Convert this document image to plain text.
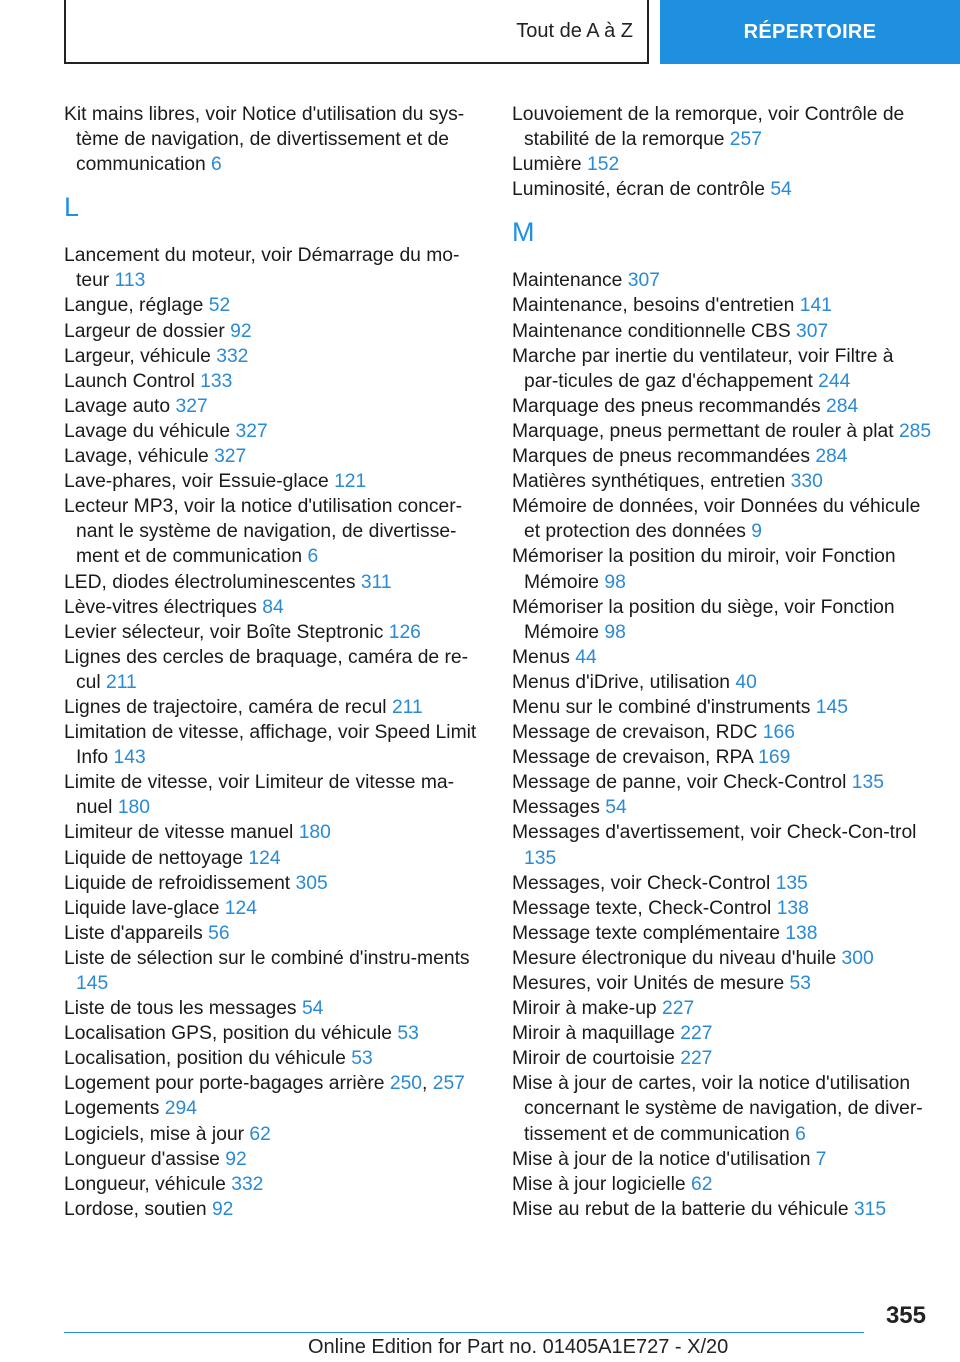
Tout de A à Z	RÉPERTOIRE
Kit mains libres, voir Notice d'utilisation du sys-tème de navigation, de divertissement et de communication 6
L
Lancement du moteur, voir Démarrage du mo-teur 113
Langue, réglage 52
Largeur de dossier 92
Largeur, véhicule 332
Launch Control 133
Lavage auto 327
Lavage du véhicule 327
Lavage, véhicule 327
Lave-phares, voir Essuie-glace 121
Lecteur MP3, voir la notice d'utilisation concer-nant le système de navigation, de divertisse-ment et de communication 6
LED, diodes électroluminescentes 311
Lève-vitres électriques 84
Levier sélecteur, voir Boîte Steptronic 126
Lignes des cercles de braquage, caméra de re-cul 211
Lignes de trajectoire, caméra de recul 211
Limitation de vitesse, affichage, voir Speed Limit Info 143
Limite de vitesse, voir Limiteur de vitesse ma-nuel 180
Limiteur de vitesse manuel 180
Liquide de nettoyage 124
Liquide de refroidissement 305
Liquide lave-glace 124
Liste d'appareils 56
Liste de sélection sur le combiné d'instru-ments 145
Liste de tous les messages 54
Localisation GPS, position du véhicule 53
Localisation, position du véhicule 53
Logement pour porte-bagages arrière 250, 257
Logements 294
Logiciels, mise à jour 62
Longueur d'assise 92
Longueur, véhicule 332
Lordose, soutien 92
Louvoiement de la remorque, voir Contrôle de stabilité de la remorque 257
Lumière 152
Luminosité, écran de contrôle 54
M
Maintenance 307
Maintenance, besoins d'entretien 141
Maintenance conditionnelle CBS 307
Marche par inertie du ventilateur, voir Filtre à par-ticules de gaz d'échappement 244
Marquage des pneus recommandés 284
Marquage, pneus permettant de rouler à plat 285
Marques de pneus recommandées 284
Matières synthétiques, entretien 330
Mémoire de données, voir Données du véhicule et protection des données 9
Mémoriser la position du miroir, voir Fonction Mémoire 98
Mémoriser la position du siège, voir Fonction Mémoire 98
Menus 44
Menus d'iDrive, utilisation 40
Menu sur le combiné d'instruments 145
Message de crevaison, RDC 166
Message de crevaison, RPA 169
Message de panne, voir Check-Control 135
Messages 54
Messages d'avertissement, voir Check-Con-trol 135
Messages, voir Check-Control 135
Message texte, Check-Control 138
Message texte complémentaire 138
Mesure électronique du niveau d'huile 300
Mesures, voir Unités de mesure 53
Miroir à make-up 227
Miroir à maquillage 227
Miroir de courtoisie 227
Mise à jour de cartes, voir la notice d'utilisation concernant le système de navigation, de diver-tissement et de communication 6
Mise à jour de la notice d'utilisation 7
Mise à jour logicielle 62
Mise au rebut de la batterie du véhicule 315
355
Online Edition for Part no. 01405A1E727 - X/20
